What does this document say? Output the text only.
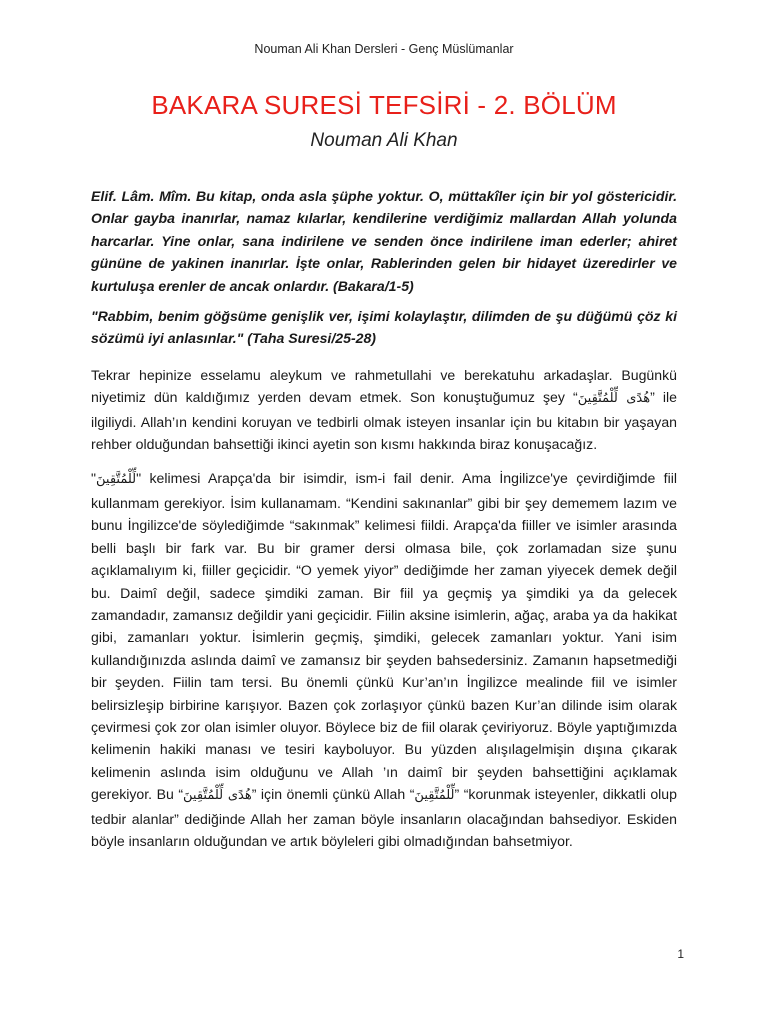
Nouman Ali Khan Dersleri - Genç Müslümanlar
BAKARA SURESİ TEFSİRİ - 2. BÖLÜM
Nouman Ali Khan

Elif. Lâm. Mîm. Bu kitap, onda asla şüphe yoktur. O, müttakîler için bir yol göstericidir. Onlar gayba inanırlar, namaz kılarlar, kendilerine verdiğimiz mallardan Allah yolunda harcarlar. Yine onlar, sana indirilene ve senden önce indirilene iman ederler; ahiret gününe de yakinen inanırlar. İşte onlar, Rablerinden gelen bir hidayet üzeredirler ve kurtuluşa erenler de ancak onlardır. (Bakara/1-5)

"Rabbim, benim göğsüme genişlik ver, işimi kolaylaştır, dilimden de şu düğümü çöz ki sözümü iyi anlasınlar." (Taha Suresi/25-28)

Tekrar hepinize esselamu aleykum ve rahmetullahi ve berekatuhu arkadaşlar. Bugünkü niyetimiz dün kaldığımız yerden devam etmek. Son konuştuğumuz şey “هُدًى لِّلْمُتَّقِينَ” ile ilgiliydi. Allah’ın kendini koruyan ve tedbirli olmak isteyen insanlar için bu kitabın bir yaşayan rehber olduğundan bahsettiği ikinci ayetin son kısmı hakkında biraz konuşacağız.

"لِّلْمُتَّقِينَ" kelimesi Arapça'da bir isimdir, ism-i fail denir. Ama İngilizce'ye çevirdiğimde fiil kullanmam gerekiyor. İsim kullanamam. “Kendini sakınanlar” gibi bir şey dememem lazım ve bunu İngilizce'de söylediğimde “sakınmak” kelimesi fiildi. Arapça'da fiiller ve isimler arasında belli başlı bir fark var. Bu bir gramer dersi olmasa bile, çok zorlamadan size şunu açıklamalıyım ki, fiiller geçicidir. “O yemek yiyor” dediğimde her zaman yiyecek demek değil bu. Daimî değil, sadece şimdiki zaman. Bir fiil ya geçmiş ya şimdiki ya da gelecek zamandadır, zamansız değildir yani geçicidir. Fiilin aksine isimlerin, ağaç, araba ya da hakikat gibi, zamanları yoktur. İsimlerin geçmiş, şimdiki, gelecek zamanları yoktur. Yani isim kullandığınızda aslında daimî ve zamansız bir şeyden bahsedersiniz. Zamanın hapsetmediği bir şeyden. Fiilin tam tersi. Bu önemli çünkü Kur’an’ın İngilizce mealinde fiil ve isimler belirsizleşip birbirine karışıyor. Bazen çok zorlaşıyor çünkü bazen Kur’an dilinde isim olarak çevirmesi çok zor olan isimler oluyor. Böylece biz de fiil olarak çeviriyoruz. Böyle yaptığımızda kelimenin hakiki manası ve tesiri kayboluyor. Bu yüzden alışılagelmişin dışına çıkarak kelimenin aslında isim olduğunu ve Allah ’ın daimî bir şeyden bahsettiğini açıklamak gerekiyor. Bu “هُدًى لِّلْمُتَّقِينَ” için önemli çünkü Allah “لِّلْمُتَّقِينَ” “korunmak isteyenler, dikkatli olup tedbir alanlar” dediğinde Allah her zaman böyle insanların olacağından bahsediyor. Eskiden böyle insanların olduğundan ve artık böyleleri gibi olmadığından bahsetmiyor.

1
